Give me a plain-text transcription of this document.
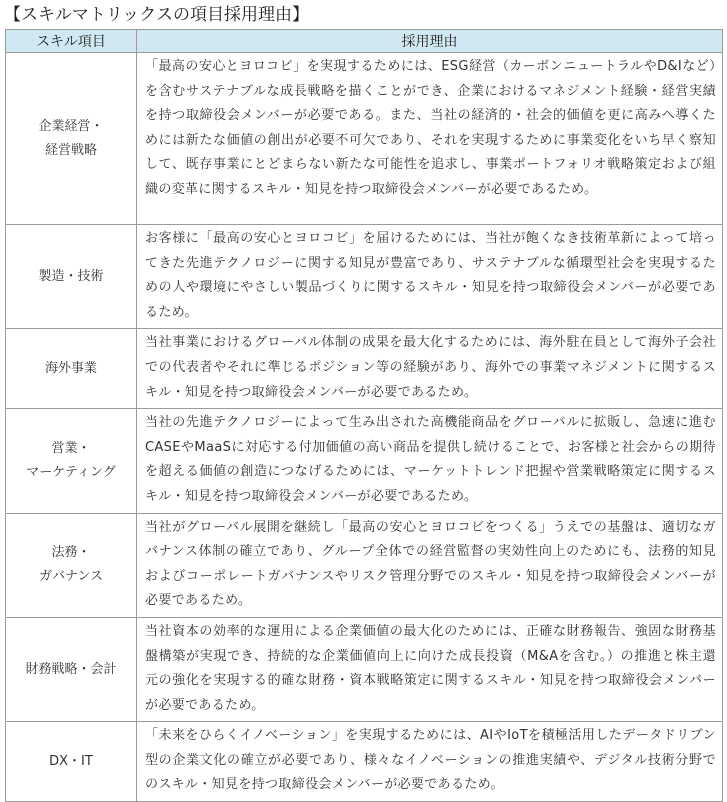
【スキルマトリックスの項目採用理由】
スキル項目	採用理由
企業経営・
経営戦略	「最高の安心とヨロコビ」を実現するためには、ESG経営（カーボンニュートラルやD&Iなど）を含むサステナブルな成長戦略を描くことができ、企業におけるマネジメント経験・経営実績を持つ取締役会メンバーが必要である。また、当社の経済的・社会的価値を更に高みへ導くためには新たな価値の創出が必要不可欠であり、それを実現するために事業変化をいち早く察知して、既存事業にとどまらない新たな可能性を追求し、事業ポートフォリオ戦略策定および組織の変革に関するスキル・知見を持つ取締役会メンバーが必要であるため。
製造・技術	お客様に「最高の安心とヨロコビ」を届けるためには、当社が飽くなき技術革新によって培ってきた先進テクノロジーに関する知見が豊富であり、サステナブルな循環型社会を実現するための人や環境にやさしい製品づくりに関するスキル・知見を持つ取締役会メンバーが必要であるため。
海外事業	当社事業におけるグローバル体制の成果を最大化するためには、海外駐在員として海外子会社での代表者やそれに準じるポジション等の経験があり、海外での事業マネジメントに関するスキル・知見を持つ取締役会メンバーが必要であるため。
営業・
マーケティング	当社の先進テクノロジーによって生み出された高機能商品をグローバルに拡販し、急速に進むCASEやMaaSに対応する付加価値の高い商品を提供し続けることで、お客様と社会からの期待を超える価値の創造につなげるためには、マーケットトレンド把握や営業戦略策定に関するスキル・知見を持つ取締役会メンバーが必要であるため。
法務・
ガバナンス	当社がグローバル展開を継続し「最高の安心とヨロコビをつくる」うえでの基盤は、適切なガバナンス体制の確立であり、グループ全体での経営監督の実効性向上のためにも、法務的知見およびコーポレートガバナンスやリスク管理分野でのスキル・知見を持つ取締役会メンバーが必要であるため。
財務戦略・会計	当社資本の効率的な運用による企業価値の最大化のためには、正確な財務報告、強固な財務基盤構築が実現でき、持続的な企業価値向上に向けた成長投資（M&Aを含む。）の推進と株主還元の強化を実現する的確な財務・資本戦略策定に関するスキル・知見を持つ取締役会メンバーが必要であるため。
DX・IT	「未来をひらくイノベーション」を実現するためには、AIやIoTを積極活用したデータドリブン型の企業文化の確立が必要であり、様々なイノベーションの推進実績や、デジタル技術分野でのスキル・知見を持つ取締役会メンバーが必要であるため。
